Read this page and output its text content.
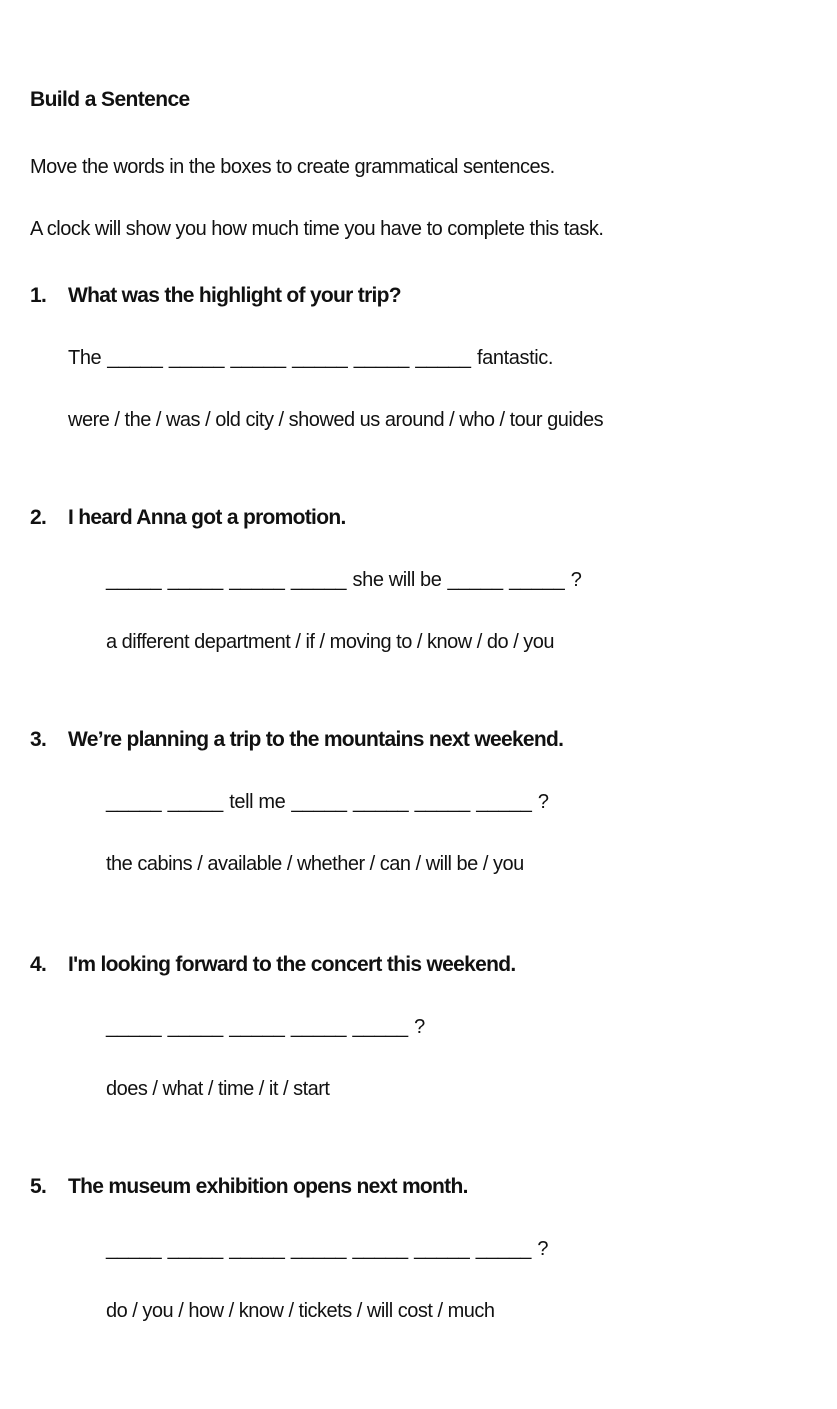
Build a Sentence

Move the words in the boxes to create grammatical sentences.

A clock will show you how much time you have to complete this task.

1. What was the highlight of your trip?
The _____ _____ _____ _____ _____ _____ fantastic.
were / the / was / old city / showed us around / who / tour guides
2. I heard Anna got a promotion.
_____ _____ _____ _____ she will be _____ _____ ?
a different department / if / moving to / know / do / you
3. We’re planning a trip to the mountains next weekend.
_____ _____ tell me _____ _____ _____ _____ ?
the cabins / available / whether / can / will be / you
4. I'm looking forward to the concert this weekend.
_____ _____ _____ _____ _____ ?
does / what / time / it / start
5. The museum exhibition opens next month.
_____ _____ _____ _____ _____ _____ _____ ?
do / you / how / know / tickets / will cost / much
